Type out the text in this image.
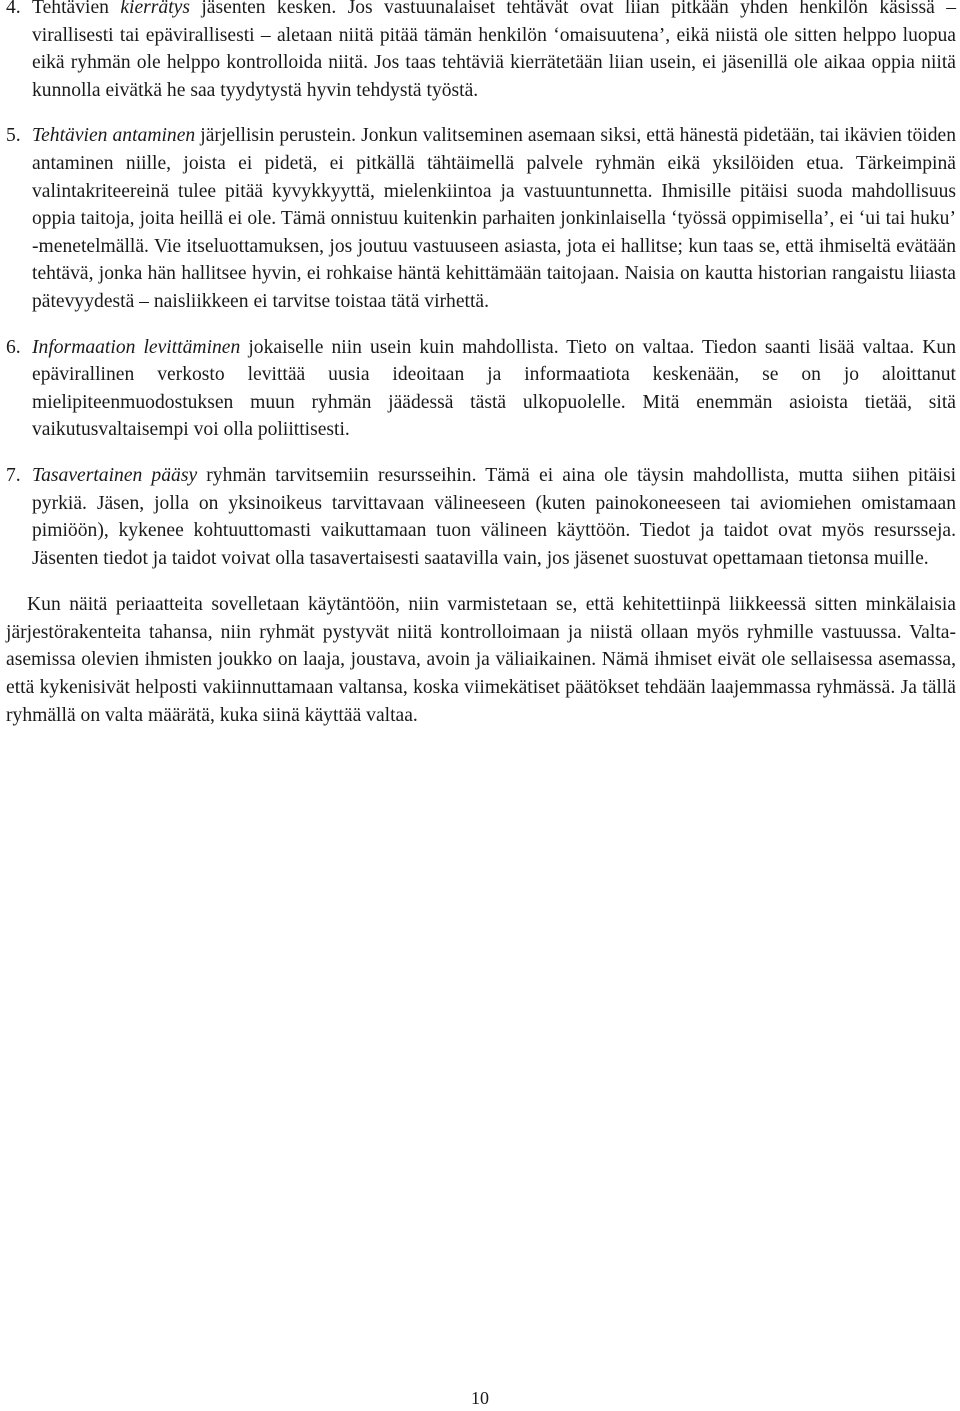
4. Tehtävien kierrätys jäsenten kesken. Jos vastuunalaiset tehtävät ovat liian pitkään yhden henkilön käsissä – virallisesti tai epävirallisesti – aletaan niitä pitää tämän henkilön ‘omaisuutena’, eikä niistä ole sitten helppo luopua eikä ryhmän ole helppo kontrolloida niitä. Jos taas tehtäviä kierrätetään liian usein, ei jäsenillä ole aikaa oppia niitä kunnolla eivätkä he saa tyydytystä hyvin tehdystä työstä.
5. Tehtävien antaminen järjellisin perustein. Jonkun valitseminen asemaan siksi, että hänestä pidetään, tai ikävien töiden antaminen niille, joista ei pidetä, ei pitkällä tähtäimellä palvele ryhmän eikä yksilöiden etua. Tärkeimpinä valintakriteereinä tulee pitää kyvykkyyttä, mielenkiintoa ja vastuuntunnetta. Ihmisille pitäisi suoda mahdollisuus oppia taitoja, joita heillä ei ole. Tämä onnistuu kuitenkin parhaiten jonkinlaisella ‘työssä oppimisella’, ei ‘ui tai huku’ -menetelmällä. Vie itseluottamuksen, jos joutuu vastuuseen asiasta, jota ei hallitse; kun taas se, että ihmiseltä evätään tehtävä, jonka hän hallitsee hyvin, ei rohkaise häntä kehittämään taitojaan. Naisia on kautta historian rangaistu liiasta pätevyydestä – naisliikkeen ei tarvitse toistaa tätä virhettä.
6. Informaation levittäminen jokaiselle niin usein kuin mahdollista. Tieto on valtaa. Tiedon saanti lisää valtaa. Kun epävirallinen verkosto levittää uusia ideoitaan ja informaatiota keskenään, se on jo aloittanut mielipiteenmuodostuksen muun ryhmän jäädessä tästä ulkopuolelle. Mitä enemmän asioista tietää, sitä vaikutusvaltaisempi voi olla poliittisesti.
7. Tasavertainen pääsy ryhmän tarvitsemiin resursseihin. Tämä ei aina ole täysin mahdollista, mutta siihen pitäisi pyrkiä. Jäsen, jolla on yksinoikeus tarvittavaan välineeseen (kuten painokoneeseen tai aviomiehen omistamaan pimiöön), kykenee kohtuuttomasti vaikuttamaan tuon välineen käyttöön. Tiedot ja taidot ovat myös resursseja. Jäsenten tiedot ja taidot voivat olla tasavertaisesti saatavilla vain, jos jäsenet suostuvat opettamaan tietonsa muille.

Kun näitä periaatteita sovelletaan käytäntöön, niin varmistetaan se, että kehitettiinpä liikkeessä sitten minkälaisia järjestörakenteita tahansa, niin ryhmät pystyvät niitä kontrolloimaan ja niistä ollaan myös ryhmille vastuussa. Valta-asemissa olevien ihmisten joukko on laaja, joustava, avoin ja väliaikainen. Nämä ihmiset eivät ole sellaisessa asemassa, että kykenisivät helposti vakiinnuttamaan valtansa, koska viimekätiset päätökset tehdään laajemmassa ryhmässä. Ja tällä ryhmällä on valta määrätä, kuka siinä käyttää valtaa.

10
